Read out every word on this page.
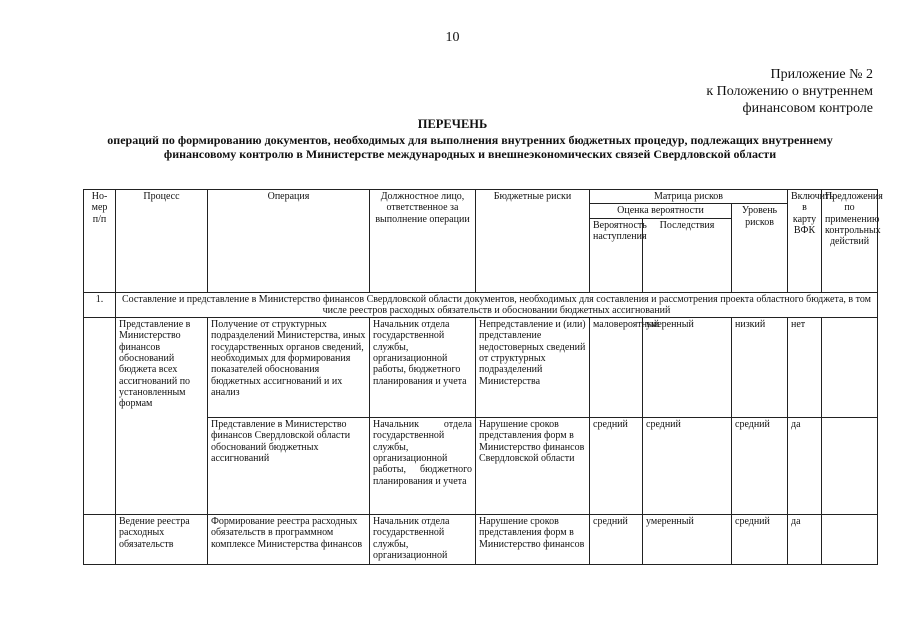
10
Приложение № 2
к Положению о внутреннем
финансовом контроле
ПЕРЕЧЕНЬ
операций по формированию документов, необходимых для выполнения внутренних бюджетных процедур, подлежащих внутреннему финансовому контролю в Министерстве международных и внешнеэкономических связей Свердловской области
Но-мер п/п	Процесс	Операция	Должностное лицо, ответственное за выполнение операции	Бюджетные риски	Матрица рисков			Включить в карту ВФК	Предложения по применению контрольных действий
					Оценка вероятности		Уровень рисков		
					Вероятность наступления	Последствия			
1.	Составление и представление в Министерство финансов Свердловской области документов, необходимых для составления и рассмотрения проекта областного бюджета, в том числе реестров расходных обязательств и обосновании бюджетных ассигнований								
	Представление в Министерство финансов обоснований бюджета всех ассигнований по установленным формам	Получение от структурных подразделений Министерства, иных государственных органов сведений, необходимых для формирования показателей обоснования бюджетных ассигнований и их анализ	Начальник отдела государственной службы, организационной работы, бюджетного планирования и учета	Непредставление и (или) представление недостоверных сведений от структурных подразделений Министерства	маловероятный	умеренный	низкий	нет	
		Представление в Министерство финансов Свердловской области обоснований бюджетных ассигнований	Начальник отдела государственной службы, организационной работы, бюджетного планирования и учета	Нарушение сроков представления форм в Министерство финансов Свердловской области	средний	средний	средний	да	
	Ведение реестра расходных обязательств	Формирование реестра расходных обязательств в программном комплексе Министерства финансов	Начальник отдела государственной службы, организационной	Нарушение сроков представления форм в Министерство финансов	средний	умеренный	средний	да	
